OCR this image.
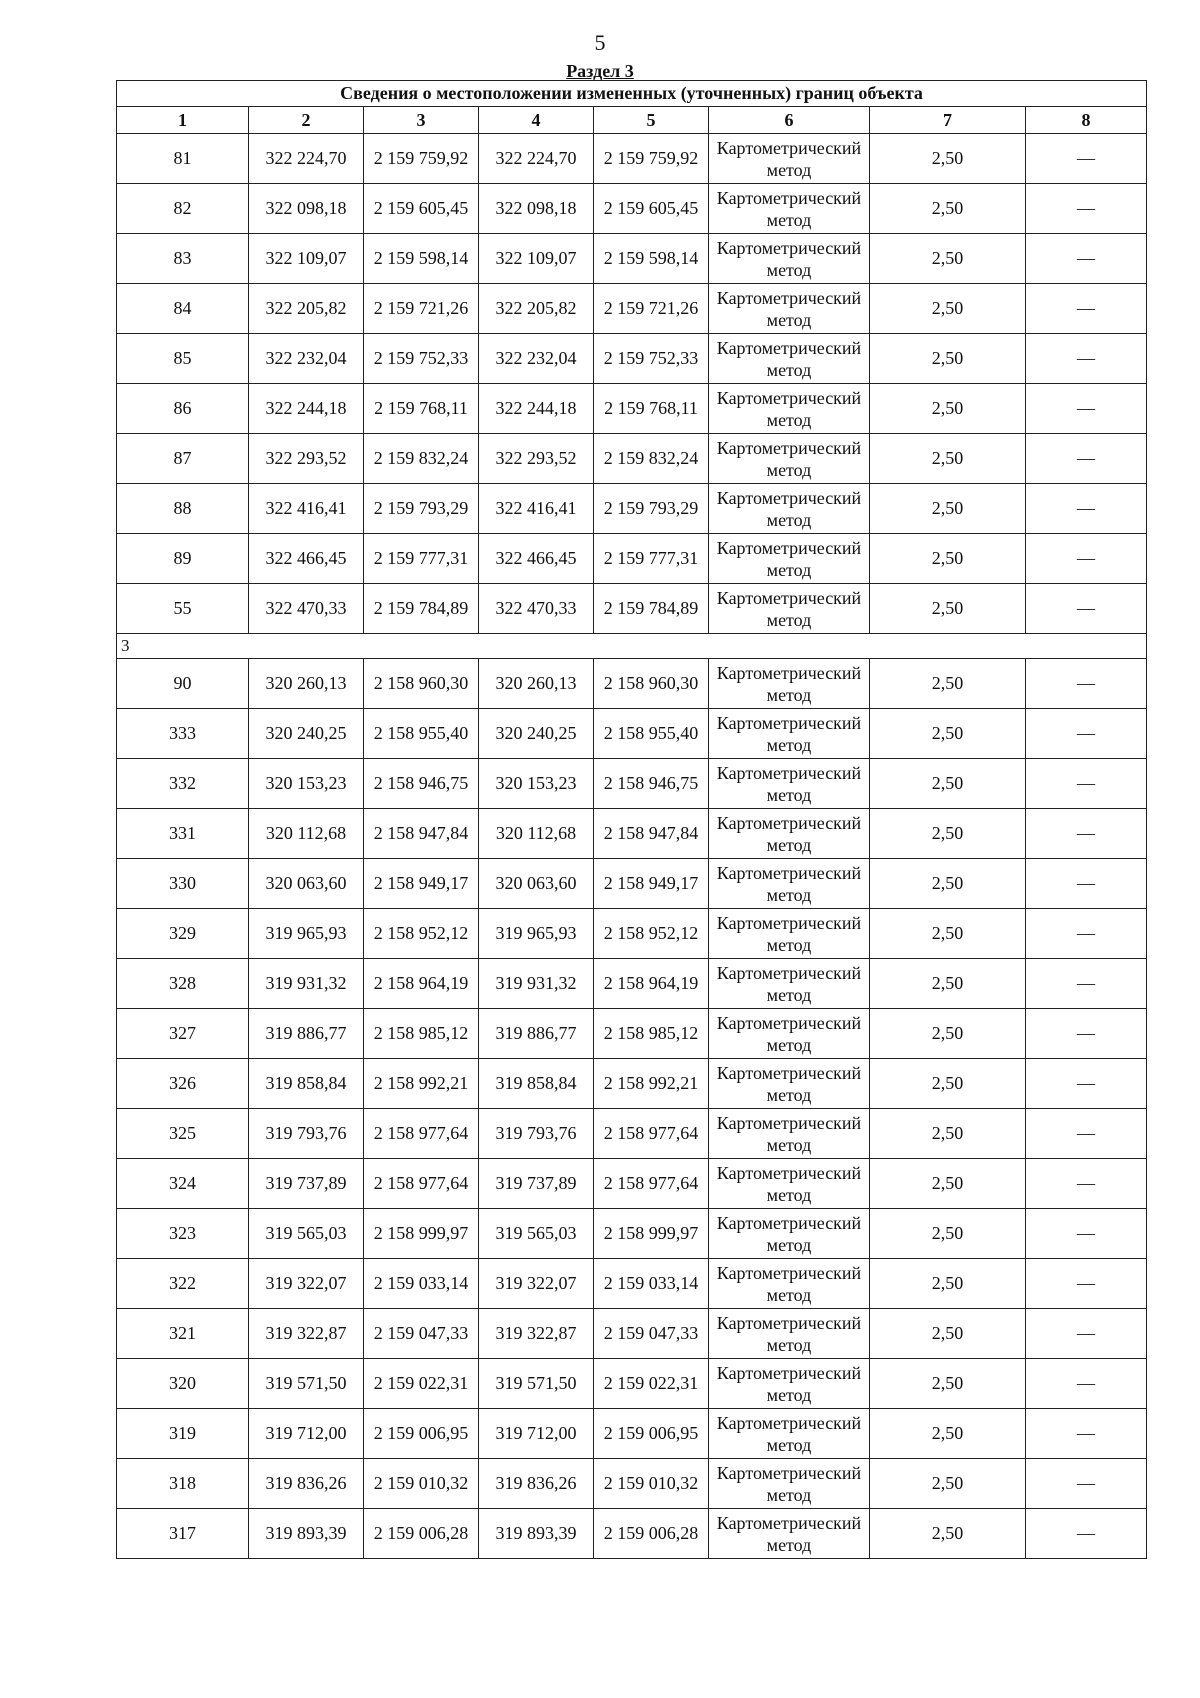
5
Раздел 3
Сведения о местоположении измененных (уточненных) границ объекта							
1	2	3	4	5	6	7	8
81	322 224,70	2 159 759,92	322 224,70	2 159 759,92	Картометрический метод	2,50	—
82	322 098,18	2 159 605,45	322 098,18	2 159 605,45	Картометрический метод	2,50	—
83	322 109,07	2 159 598,14	322 109,07	2 159 598,14	Картометрический метод	2,50	—
84	322 205,82	2 159 721,26	322 205,82	2 159 721,26	Картометрический метод	2,50	—
85	322 232,04	2 159 752,33	322 232,04	2 159 752,33	Картометрический метод	2,50	—
86	322 244,18	2 159 768,11	322 244,18	2 159 768,11	Картометрический метод	2,50	—
87	322 293,52	2 159 832,24	322 293,52	2 159 832,24	Картометрический метод	2,50	—
88	322 416,41	2 159 793,29	322 416,41	2 159 793,29	Картометрический метод	2,50	—
89	322 466,45	2 159 777,31	322 466,45	2 159 777,31	Картометрический метод	2,50	—
55	322 470,33	2 159 784,89	322 470,33	2 159 784,89	Картометрический метод	2,50	—
3							
90	320 260,13	2 158 960,30	320 260,13	2 158 960,30	Картометрический метод	2,50	—
333	320 240,25	2 158 955,40	320 240,25	2 158 955,40	Картометрический метод	2,50	—
332	320 153,23	2 158 946,75	320 153,23	2 158 946,75	Картометрический метод	2,50	—
331	320 112,68	2 158 947,84	320 112,68	2 158 947,84	Картометрический метод	2,50	—
330	320 063,60	2 158 949,17	320 063,60	2 158 949,17	Картометрический метод	2,50	—
329	319 965,93	2 158 952,12	319 965,93	2 158 952,12	Картометрический метод	2,50	—
328	319 931,32	2 158 964,19	319 931,32	2 158 964,19	Картометрический метод	2,50	—
327	319 886,77	2 158 985,12	319 886,77	2 158 985,12	Картометрический метод	2,50	—
326	319 858,84	2 158 992,21	319 858,84	2 158 992,21	Картометрический метод	2,50	—
325	319 793,76	2 158 977,64	319 793,76	2 158 977,64	Картометрический метод	2,50	—
324	319 737,89	2 158 977,64	319 737,89	2 158 977,64	Картометрический метод	2,50	—
323	319 565,03	2 158 999,97	319 565,03	2 158 999,97	Картометрический метод	2,50	—
322	319 322,07	2 159 033,14	319 322,07	2 159 033,14	Картометрический метод	2,50	—
321	319 322,87	2 159 047,33	319 322,87	2 159 047,33	Картометрический метод	2,50	—
320	319 571,50	2 159 022,31	319 571,50	2 159 022,31	Картометрический метод	2,50	—
319	319 712,00	2 159 006,95	319 712,00	2 159 006,95	Картометрический метод	2,50	—
318	319 836,26	2 159 010,32	319 836,26	2 159 010,32	Картометрический метод	2,50	—
317	319 893,39	2 159 006,28	319 893,39	2 159 006,28	Картометрический метод	2,50	—
